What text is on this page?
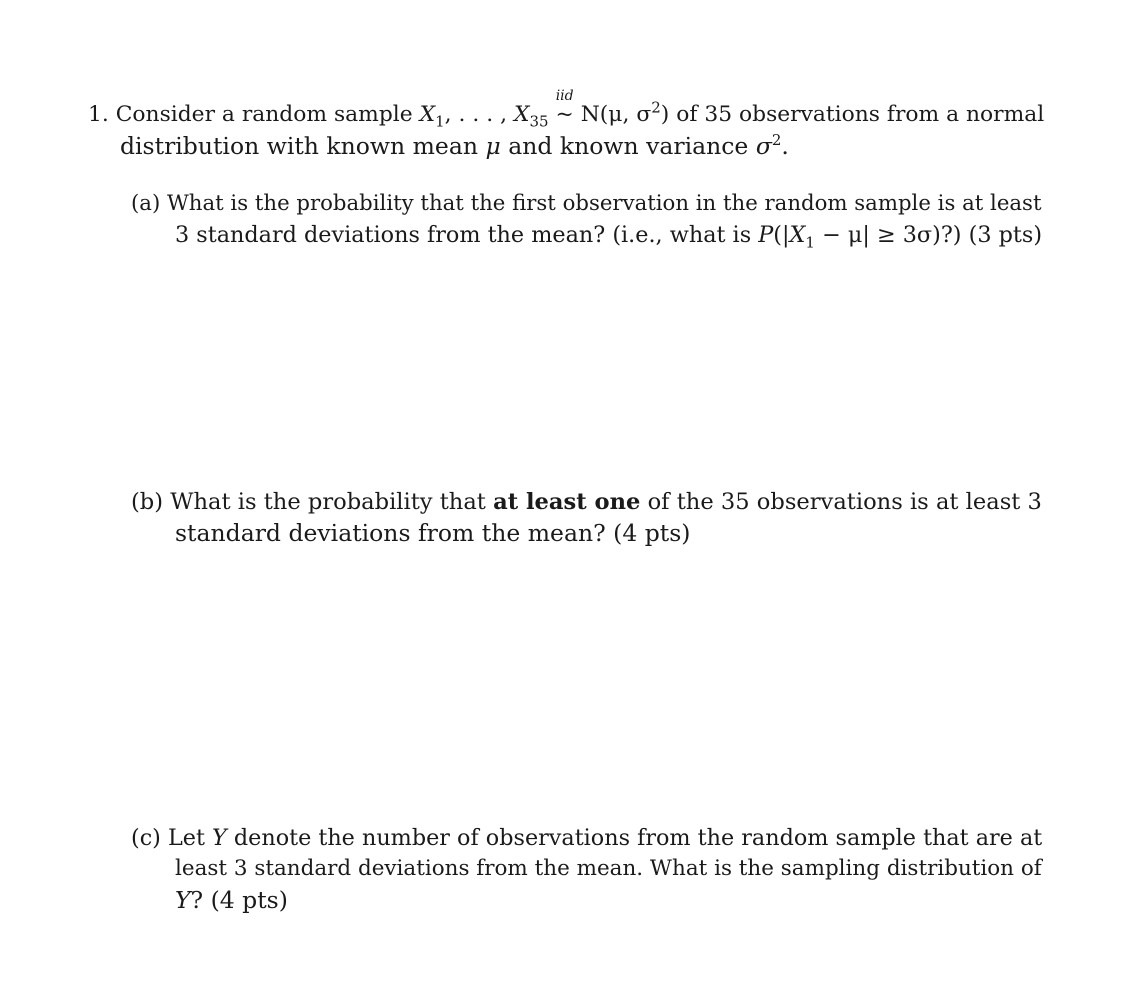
1. Consider a random sample $X_1$, . . . , $X_{35}$
iid
~ N(μ, $\sigma^2$) of 35 observations from a normal
distribution with known mean μ and known variance $\sigma^2$.
(a) What is the probability that the first observation in the random sample is at least
3 standard deviations from the mean? (i.e., what is $P(|X_1 - \mu|$ ≥ 3σ)?) (3 pts)
(b) What is the probability that at least one of the 35 observations is at least 3
standard deviations from the mean? (4 pts)
(c) Let Y denote the number of observations from the random sample that are at
least 3 standard deviations from the mean. What is the sampling distribution of
Y? (4 pts)
